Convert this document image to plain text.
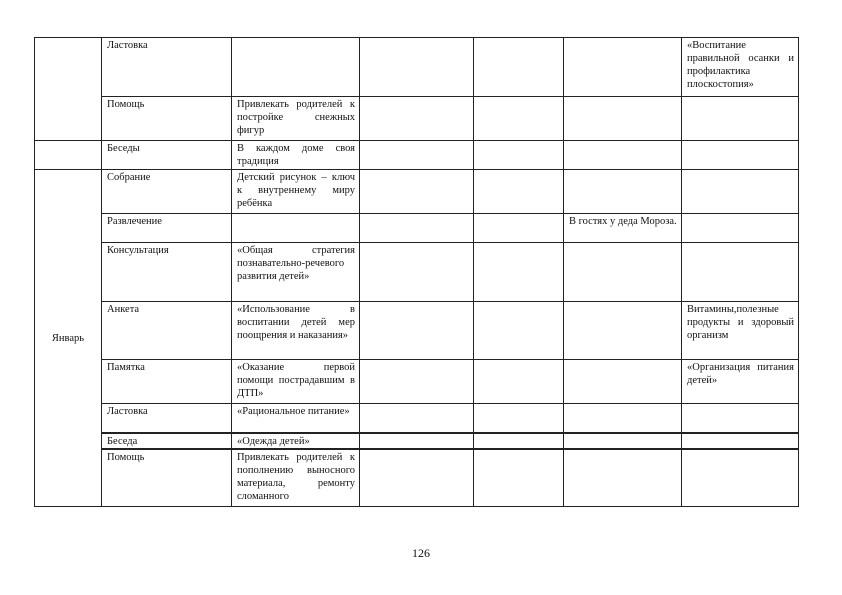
	Ластовка					«Воспитание правильной осанки и профилактика плоскостопия»
	Помощь	Привлекать родителей к постройке снежных фигур				
	Беседы	В каждом доме своя традиция				
Январь	Собрание	Детский рисунок – ключ к внутреннему миру ребёнка				
	Развлечение				В гостях у деда Мороза.	
	Консультация	«Общая стратегия познавательно-речевого развития детей»				
	Анкета	«Использование в воспитании детей мер поощрения и наказания»				Витамины,полезные продукты и здоровый организм
	Памятка	«Оказание первой помощи пострадавшим в ДТП»				«Организация питания детей»
	Ластовка	«Рациональное питание»				
	Беседа	«Одежда детей»				
	Помощь	Привлекать родителей к пополнению выносного материала, ремонту сломанного				
126
